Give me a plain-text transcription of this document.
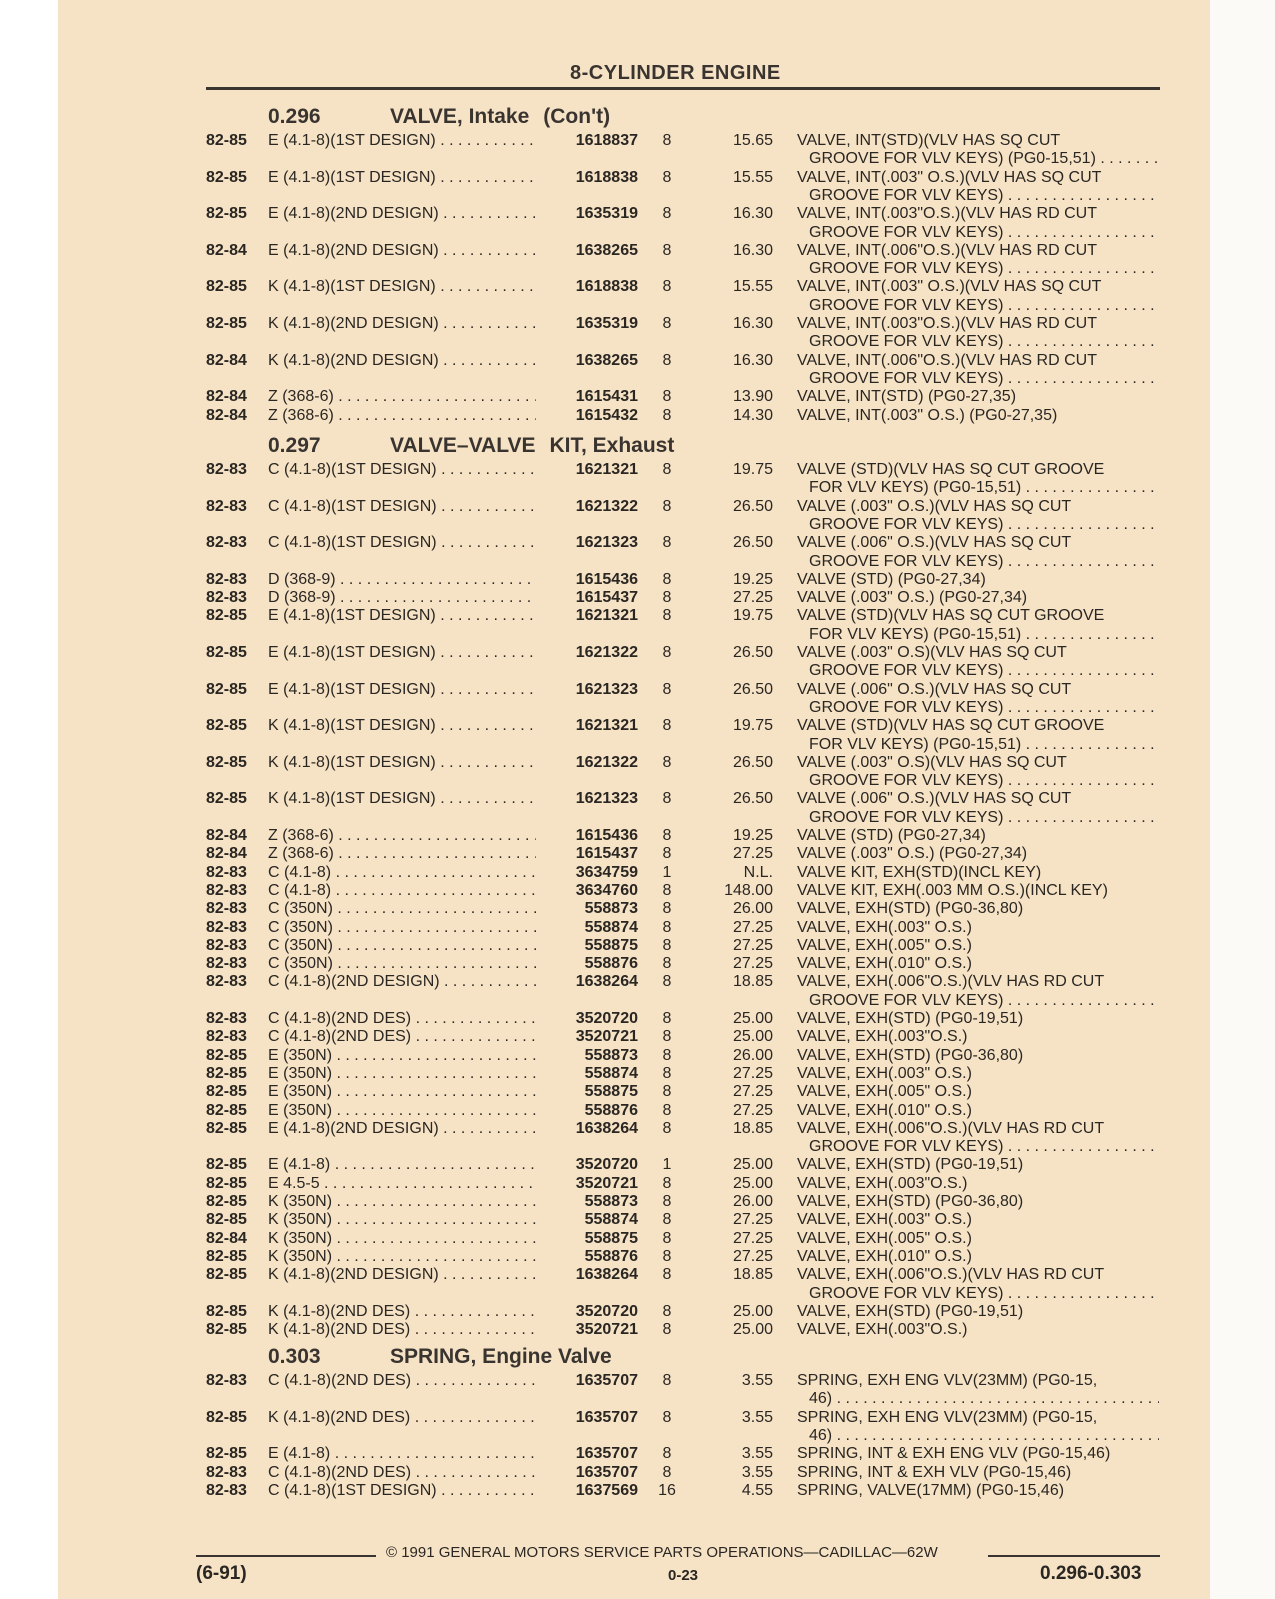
8-CYLINDER ENGINE
0.296	VALVE, Intake (Con't)
82-85 E (4.1-8)(1ST DESIGN) . . .	1618837	8	15.65 VALVE, INT(STD)(VLV HAS SQ CUT
GROOVE FOR VLV KEYS) (PG0-15,51) . . .
82-85 E (4.1-8)(1ST DESIGN) . . .	1618838	8	15.55 VALVE, INT(.003" O.S.)(VLV HAS SQ CUT
GROOVE FOR VLV KEYS) . . .
82-85 E (4.1-8)(2ND DESIGN) . . .	1635319	8	16.30 VALVE, INT(.003"O.S.)(VLV HAS RD CUT
GROOVE FOR VLV KEYS) . . .
82-84 E (4.1-8)(2ND DESIGN) . . .	1638265	8	16.30 VALVE, INT(.006"O.S.)(VLV HAS RD CUT
GROOVE FOR VLV KEYS) . . .
82-85 K (4.1-8)(1ST DESIGN) . . .	1618838	8	15.55 VALVE, INT(.003" O.S.)(VLV HAS SQ CUT
GROOVE FOR VLV KEYS) . . .
82-85 K (4.1-8)(2ND DESIGN) . . .	1635319	8	16.30 VALVE, INT(.003"O.S.)(VLV HAS RD CUT
GROOVE FOR VLV KEYS) . . .
82-84 K (4.1-8)(2ND DESIGN) . . .	1638265	8	16.30 VALVE, INT(.006"O.S.)(VLV HAS RD CUT
GROOVE FOR VLV KEYS) . . .
82-84 Z (368-6) . . .	1615431	8	13.90 VALVE, INT(STD) (PG0-27,35)
82-84 Z (368-6) . . .	1615432	8	14.30 VALVE, INT(.003" O.S.) (PG0-27,35)
0.297	VALVE–VALVE KIT, Exhaust
82-83 C (4.1-8)(1ST DESIGN) . . .	1621321	8	19.75 VALVE (STD)(VLV HAS SQ CUT GROOVE
FOR VLV KEYS) (PG0-15,51) . . .
82-83 C (4.1-8)(1ST DESIGN) . . .	1621322	8	26.50 VALVE (.003" O.S.)(VLV HAS SQ CUT
GROOVE FOR VLV KEYS) . . .
82-83 C (4.1-8)(1ST DESIGN) . . .	1621323	8	26.50 VALVE (.006" O.S.)(VLV HAS SQ CUT
GROOVE FOR VLV KEYS) . . .
82-83 D (368-9) . . .	1615436	8	19.25 VALVE (STD) (PG0-27,34)
82-83 D (368-9) . . .	1615437	8	27.25 VALVE (.003" O.S.) (PG0-27,34)
82-85 E (4.1-8)(1ST DESIGN) . . .	1621321	8	19.75 VALVE (STD)(VLV HAS SQ CUT GROOVE
FOR VLV KEYS) (PG0-15,51) . . .
82-85 E (4.1-8)(1ST DESIGN) . . .	1621322	8	26.50 VALVE (.003" O.S)(VLV HAS SQ CUT
GROOVE FOR VLV KEYS) . . .
82-85 E (4.1-8)(1ST DESIGN) . . .	1621323	8	26.50 VALVE (.006" O.S.)(VLV HAS SQ CUT
GROOVE FOR VLV KEYS) . . .
82-85 K (4.1-8)(1ST DESIGN) . . .	1621321	8	19.75 VALVE (STD)(VLV HAS SQ CUT GROOVE
FOR VLV KEYS) (PG0-15,51) . . .
82-85 K (4.1-8)(1ST DESIGN) . . .	1621322	8	26.50 VALVE (.003" O.S)(VLV HAS SQ CUT
GROOVE FOR VLV KEYS) . . .
82-85 K (4.1-8)(1ST DESIGN) . . .	1621323	8	26.50 VALVE (.006" O.S.)(VLV HAS SQ CUT
GROOVE FOR VLV KEYS) . . .
82-84 Z (368-6) . . .	1615436	8	19.25 VALVE (STD) (PG0-27,34)
82-84 Z (368-6) . . .	1615437	8	27.25 VALVE (.003" O.S.) (PG0-27,34)
82-83 C (4.1-8) . . .	3634759	1	N.L. VALVE KIT, EXH(STD)(INCL KEY)
82-83 C (4.1-8) . . .	3634760	8	148.00 VALVE KIT, EXH(.003 MM O.S.)(INCL KEY)
82-83 C (350N) . . .	558873	8	26.00 VALVE, EXH(STD) (PG0-36,80)
82-83 C (350N) . . .	558874	8	27.25 VALVE, EXH(.003" O.S.)
82-83 C (350N) . . .	558875	8	27.25 VALVE, EXH(.005" O.S.)
82-83 C (350N) . . .	558876	8	27.25 VALVE, EXH(.010" O.S.)
82-83 C (4.1-8)(2ND DESIGN) . . .	1638264	8	18.85 VALVE, EXH(.006"O.S.)(VLV HAS RD CUT
GROOVE FOR VLV KEYS) . . .
82-83 C (4.1-8)(2ND DES) . . .	3520720	8	25.00 VALVE, EXH(STD) (PG0-19,51)
82-83 C (4.1-8)(2ND DES) . . .	3520721	8	25.00 VALVE, EXH(.003"O.S.)
82-85 E (350N) . . .	558873	8	26.00 VALVE, EXH(STD) (PG0-36,80)
82-85 E (350N) . . .	558874	8	27.25 VALVE, EXH(.003" O.S.)
82-85 E (350N) . . .	558875	8	27.25 VALVE, EXH(.005" O.S.)
82-85 E (350N) . . .	558876	8	27.25 VALVE, EXH(.010" O.S.)
82-85 E (4.1-8)(2ND DESIGN) . . .	1638264	8	18.85 VALVE, EXH(.006"O.S.)(VLV HAS RD CUT
GROOVE FOR VLV KEYS) . . .
82-85 E (4.1-8) . . .	3520720	1	25.00 VALVE, EXH(STD) (PG0-19,51)
82-85 E 4.5-5 . . .	3520721	8	25.00 VALVE, EXH(.003"O.S.)
82-85 K (350N) . . .	558873	8	26.00 VALVE, EXH(STD) (PG0-36,80)
82-85 K (350N) . . .	558874	8	27.25 VALVE, EXH(.003" O.S.)
82-84 K (350N) . . .	558875	8	27.25 VALVE, EXH(.005" O.S.)
82-85 K (350N) . . .	558876	8	27.25 VALVE, EXH(.010" O.S.)
82-85 K (4.1-8)(2ND DESIGN) . . .	1638264	8	18.85 VALVE, EXH(.006"O.S.)(VLV HAS RD CUT
GROOVE FOR VLV KEYS) . . .
82-85 K (4.1-8)(2ND DES) . . .	3520720	8	25.00 VALVE, EXH(STD) (PG0-19,51)
82-85 K (4.1-8)(2ND DES) . . .	3520721	8	25.00 VALVE, EXH(.003"O.S.)
0.303	SPRING, Engine Valve
82-83 C (4.1-8)(2ND DES) . . .	1635707	8	3.55 SPRING, EXH ENG VLV(23MM) (PG0-15,
46) . . .
82-85 K (4.1-8)(2ND DES) . . .	1635707	8	3.55 SPRING, EXH ENG VLV(23MM) (PG0-15,
46) . . .
82-85 E (4.1-8) . . .	1635707	8	3.55 SPRING, INT & EXH ENG VLV (PG0-15,46)
82-83 C (4.1-8)(2ND DES) . . .	1635707	8	3.55 SPRING, INT & EXH VLV (PG0-15,46)
82-83 C (4.1-8)(1ST DESIGN) . . .	1637569	16	4.55 SPRING, VALVE(17MM) (PG0-15,46)
© 1991 GENERAL MOTORS SERVICE PARTS OPERATIONS—CADILLAC—62W
(6-91)	0-23	0.296-0.303
